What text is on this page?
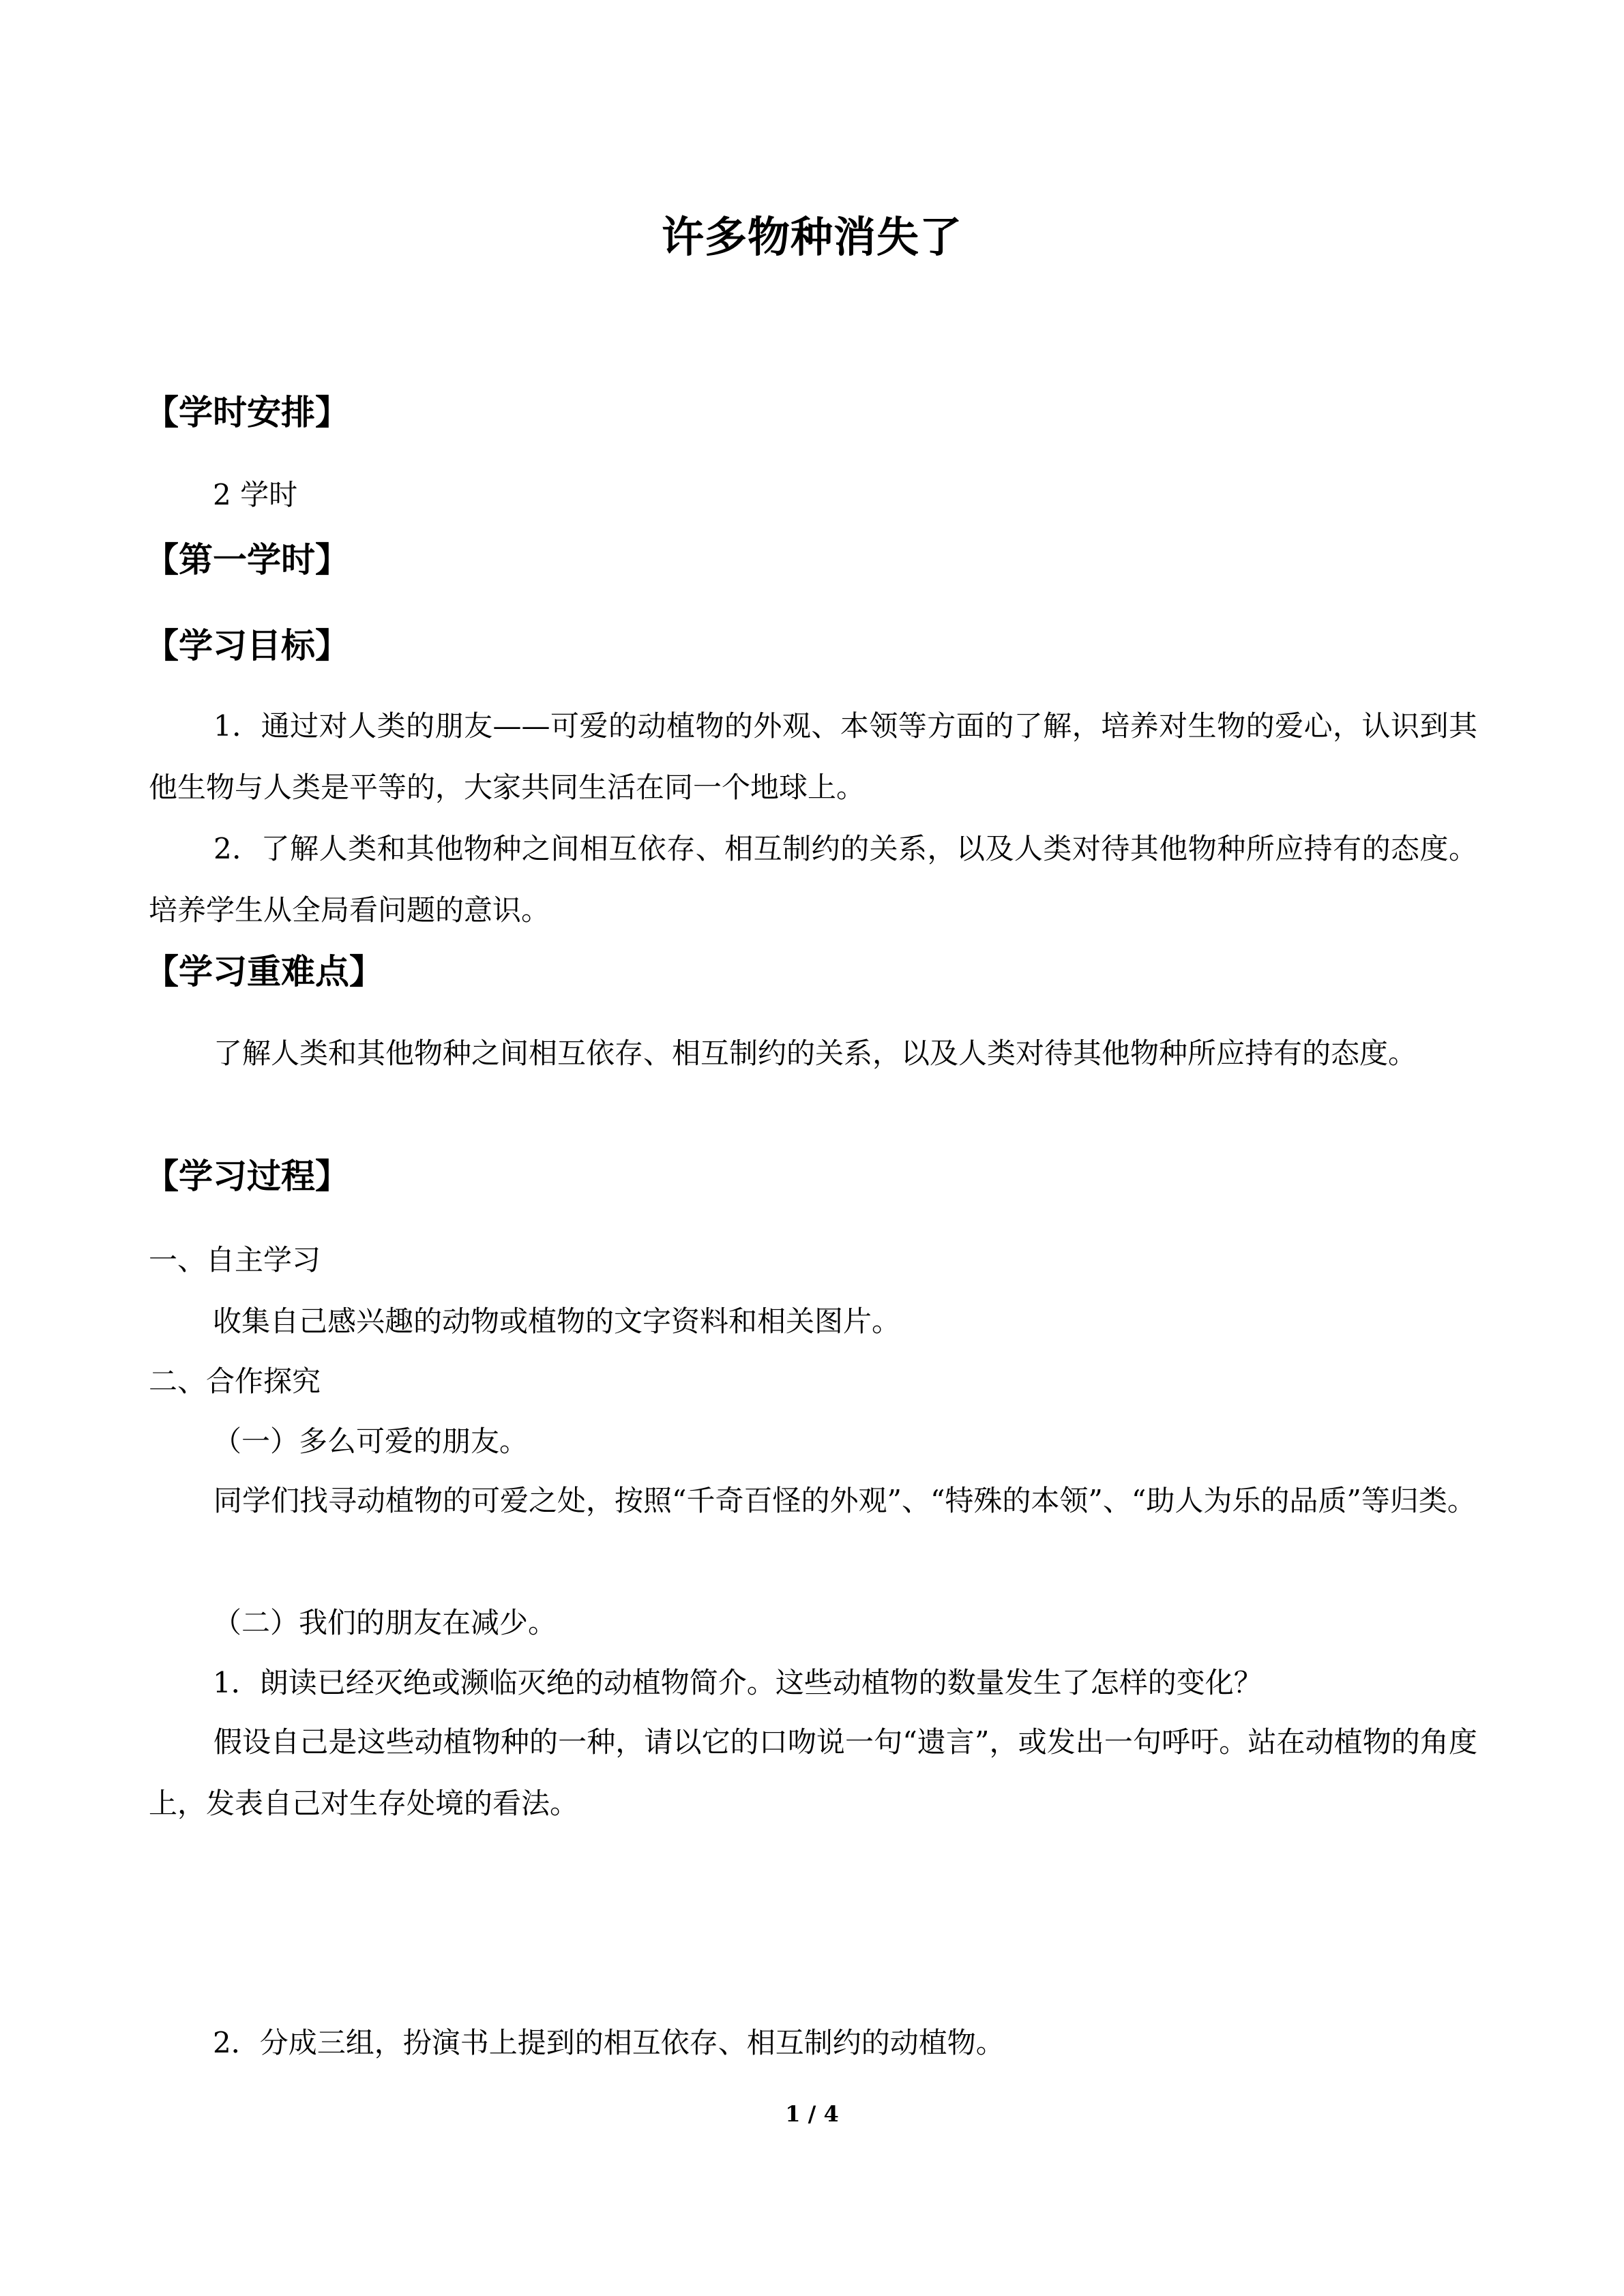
许多物种消失了
【学时安排】
2 学时
【第一学时】
【学习目标】
1．通过对人类的朋友——可爱的动植物的外观、本领等方面的了解，培养对生物的爱心，认识到其他生物与人类是平等的，大家共同生活在同一个地球上。
2．了解人类和其他物种之间相互依存、相互制约的关系，以及人类对待其他物种所应持有的态度。培养学生从全局看问题的意识。
【学习重难点】
了解人类和其他物种之间相互依存、相互制约的关系，以及人类对待其他物种所应持有的态度。
【学习过程】
一、自主学习
收集自己感兴趣的动物或植物的文字资料和相关图片。
二、合作探究
（一）多么可爱的朋友。
同学们找寻动植物的可爱之处，按照“千奇百怪的外观”、“特殊的本领”、“助人为乐的品质”等归类。
（二）我们的朋友在减少。
1．朗读已经灭绝或濒临灭绝的动植物简介。这些动植物的数量发生了怎样的变化？
假设自己是这些动植物种的一种，请以它的口吻说一句“遗言”，或发出一句呼吁。站在动植物的角度上，发表自己对生存处境的看法。
2．分成三组，扮演书上提到的相互依存、相互制约的动植物。
1 / 4
